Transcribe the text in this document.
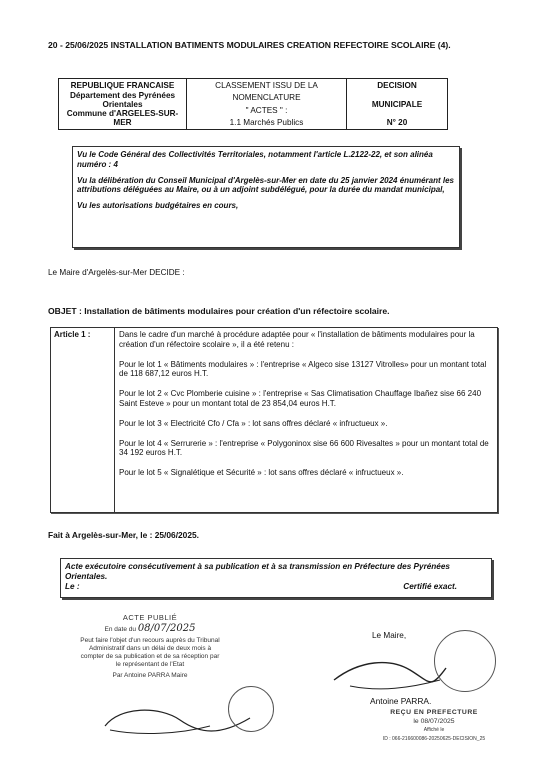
20 - 25/06/2025 INSTALLATION BATIMENTS MODULAIRES CREATION REFECTOIRE SCOLAIRE (4).
REPUBLIQUE FRANCAISE
Département des Pyrénées Orientales
Commune d'ARGELES-SUR-MER
CLASSEMENT ISSU DE LA
NOMENCLATURE
" ACTES " :
1.1 Marchés Publics
DECISION
MUNICIPALE
N° 20

Vu le Code Général des Collectivités Territoriales, notamment l'article L.2122-22, et son alinéa numéro : 4

Vu la délibération du Conseil Municipal d'Argelès-sur-Mer en date du 25 janvier 2024 énumérant les attributions déléguées au Maire, ou à un adjoint subdélégué, pour la durée du mandat municipal,

Vu les autorisations budgétaires en cours,

Le Maire d'Argelès-sur-Mer DECIDE :
OBJET : Installation de bâtiments modulaires pour création d'un réfectoire scolaire.
Article 1 :	Dans le cadre d'un marché à procédure adaptée pour « l'installation de bâtiments modulaires pour la création d'un réfectoire scolaire », il a été retenu :

Pour le lot 1 « Bâtiments modulaires » : l'entreprise « Algeco sise 13127 Vitrolles» pour un montant total de 118 687,12 euros H.T.

Pour le lot 2 « Cvc Plomberie cuisine » : l'entreprise « Sas Climatisation Chauffage Ibañez sise 66 240 Saint Esteve » pour un montant total de 23 854,04 euros H.T.

Pour le lot 3 « Electricité Cfo / Cfa » : lot sans offres déclaré « infructueux ».

Pour le lot 4 « Serrurerie » : l'entreprise « Polygoninox sise 66 600 Rivesaltes » pour un montant total de 34 192 euros H.T.

Pour le lot 5 « Signalétique et Sécurité » : lot sans offres déclaré « infructueux ».

Fait à Argelès-sur-Mer, le : 25/06/2025.
Acte exécutoire consécutivement à sa publication et à sa transmission en Préfecture des Pyrénées Orientales.
Le :	Certifié exact.
ACTE PUBLIÉ
En date du 08/07/2025
Peut faire l'objet d'un recours auprès du Tribunal Administratif dans un délai de deux mois à compter de sa publication et de sa réception par le représentant de l'Etat
Par Antoine PARRA Maire
Le Maire,
Antoine PARRA.
REÇU EN PREFECTURE
le 08/07/2025
Affiché le
ID : 066-216600086-20250625-DECISION_25
